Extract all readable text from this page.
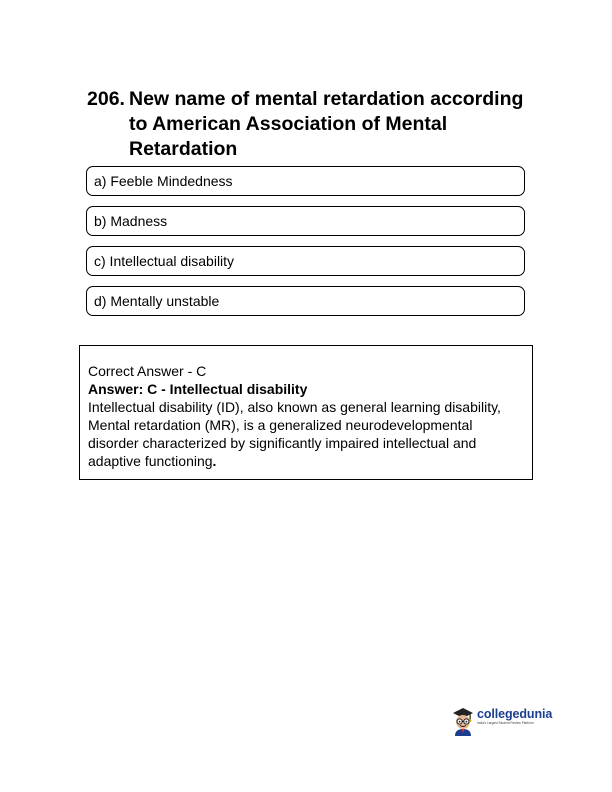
206. New name of mental retardation according to American Association of Mental Retardation
a) Feeble Mindedness
b) Madness
c) Intellectual disability
d) Mentally unstable

Correct Answer - C

Answer: C - Intellectual disability

Intellectual disability (ID), also known as general learning disability, Mental retardation (MR), is a generalized neurodevelopmental disorder characterized by significantly impaired intellectual and adaptive functioning.

collegedunia
India's Largest Student Review Platform
